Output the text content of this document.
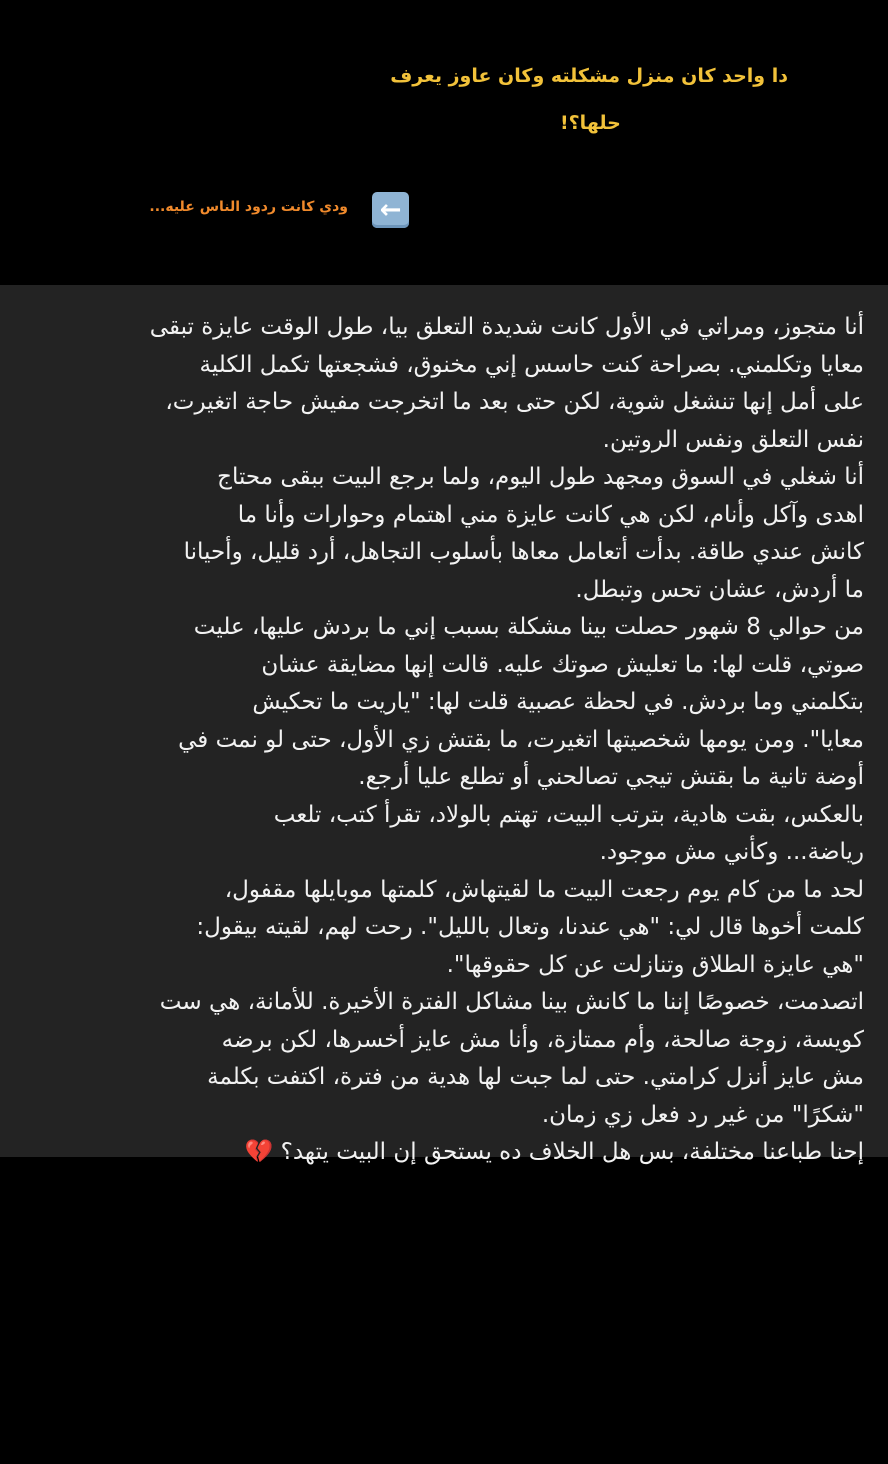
دا واحد كان منزل مشكلته وكان عاوز يعرف
حلها؟!
←
ودي كانت ردود الناس عليه...
أنا متجوز، ومراتي في الأول كانت شديدة التعلق بيا، طول الوقت عايزة تبقى
معايا وتكلمني. بصراحة كنت حاسس إني مخنوق، فشجعتها تكمل الكلية
على أمل إنها تنشغل شوية، لكن حتى بعد ما اتخرجت مفيش حاجة اتغيرت،
نفس التعلق ونفس الروتين.
أنا شغلي في السوق ومجهد طول اليوم، ولما برجع البيت ببقى محتاج
اهدى وآكل وأنام، لكن هي كانت عايزة مني اهتمام وحوارات وأنا ما
كانش عندي طاقة. بدأت أتعامل معاها بأسلوب التجاهل، أرد قليل، وأحيانا
ما أردش، عشان تحس وتبطل.
من حوالي 8 شهور حصلت بينا مشكلة بسبب إني ما بردش عليها، عليت
صوتي، قلت لها: ما تعليش صوتك عليه. قالت إنها مضايقة عشان
بتكلمني وما بردش. في لحظة عصبية قلت لها: "ياريت ما تحكيش
معايا". ومن يومها شخصيتها اتغيرت، ما بقتش زي الأول، حتى لو نمت في
أوضة تانية ما بقتش تيجي تصالحني أو تطلع عليا أرجع.
بالعكس، بقت هادية، بترتب البيت، تهتم بالولاد، تقرأ كتب، تلعب
رياضة... وكأني مش موجود.
لحد ما من كام يوم رجعت البيت ما لقيتهاش، كلمتها موبايلها مقفول،
كلمت أخوها قال لي: "هي عندنا، وتعال بالليل". رحت لهم، لقيته بيقول:
"هي عايزة الطلاق وتنازلت عن كل حقوقها".
اتصدمت، خصوصًا إننا ما كانش بينا مشاكل الفترة الأخيرة. للأمانة، هي ست
كويسة، زوجة صالحة، وأم ممتازة، وأنا مش عايز أخسرها، لكن برضه
مش عايز أنزل كرامتي. حتى لما جبت لها هدية من فترة، اكتفت بكلمة
"شكرًا" من غير رد فعل زي زمان.
إحنا طباعنا مختلفة، بس هل الخلاف ده يستحق إن البيت يتهد؟ 💔
